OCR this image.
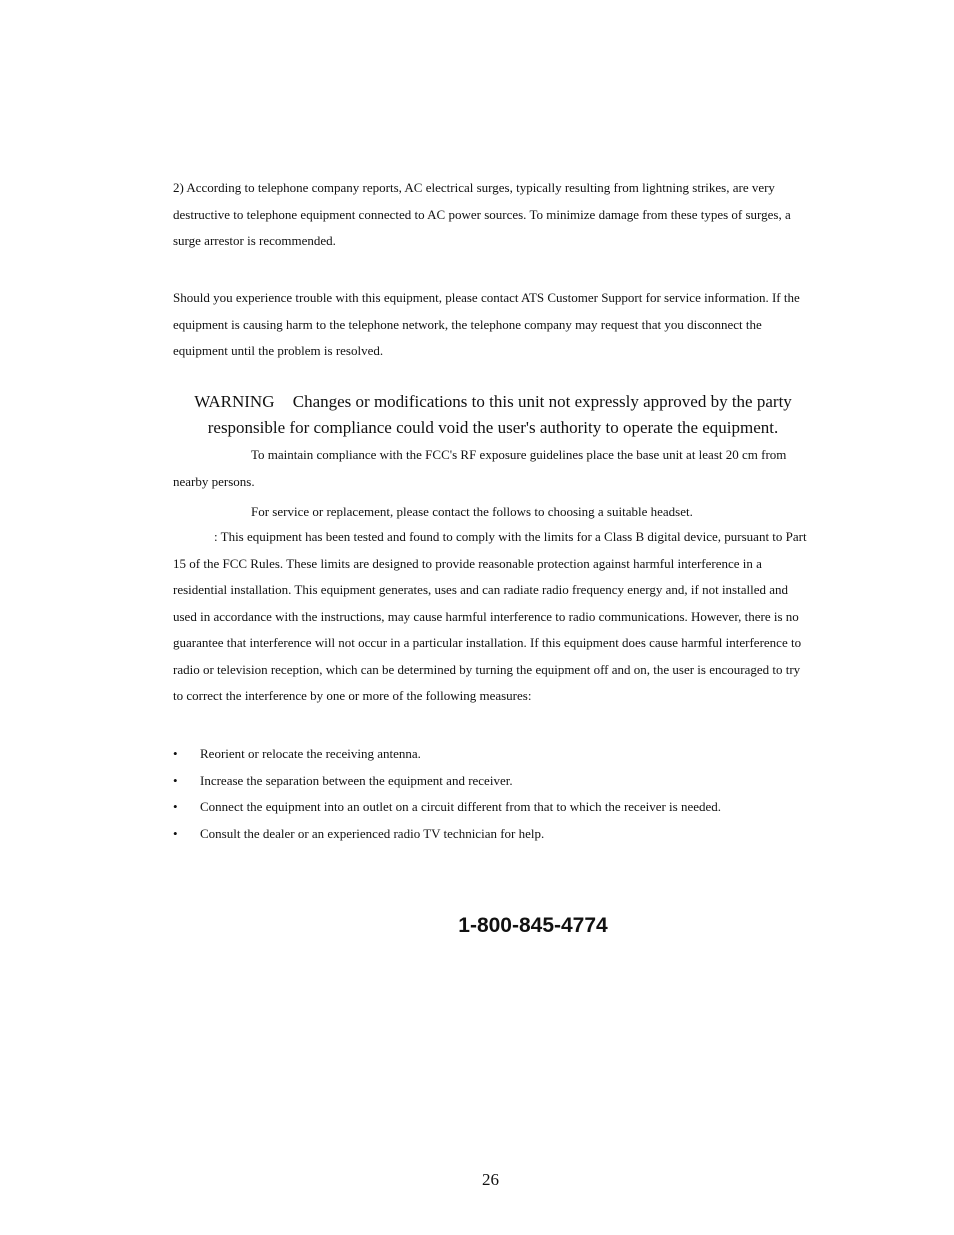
2) According to telephone company reports, AC electrical surges, typically resulting from lightning strikes, are very destructive to telephone equipment connected to AC power sources. To minimize damage from these types of surges, a surge arrestor is recommended.
Should you experience trouble with this equipment, please contact ATS Customer Support for service information. If the equipment is causing harm to the telephone network, the telephone company may request that you disconnect the equipment until the problem is resolved.
WARNING Changes or modifications to this unit not expressly approved by the party responsible for compliance could void the user's authority to operate the equipment.
To maintain compliance with the FCC's RF exposure guidelines place the base unit at least 20 cm from nearby persons.
For service or replacement, please contact the follows to choosing a suitable headset.
: This equipment has been tested and found to comply with the limits for a Class B digital device, pursuant to Part 15 of the FCC Rules. These limits are designed to provide reasonable protection against harmful interference in a residential installation. This equipment generates, uses and can radiate radio frequency energy and, if not installed and used in accordance with the instructions, may cause harmful interference to radio communications. However, there is no guarantee that interference will not occur in a particular installation. If this equipment does cause harmful interference to radio or television reception, which can be determined by turning the equipment off and on, the user is encouraged to try to correct the interference by one or more of the following measures:
• Reorient or relocate the receiving antenna.
• Increase the separation between the equipment and receiver.
• Connect the equipment into an outlet on a circuit different from that to which the receiver is needed.
• Consult the dealer or an experienced radio TV technician for help.
1-800-845-4774
26
